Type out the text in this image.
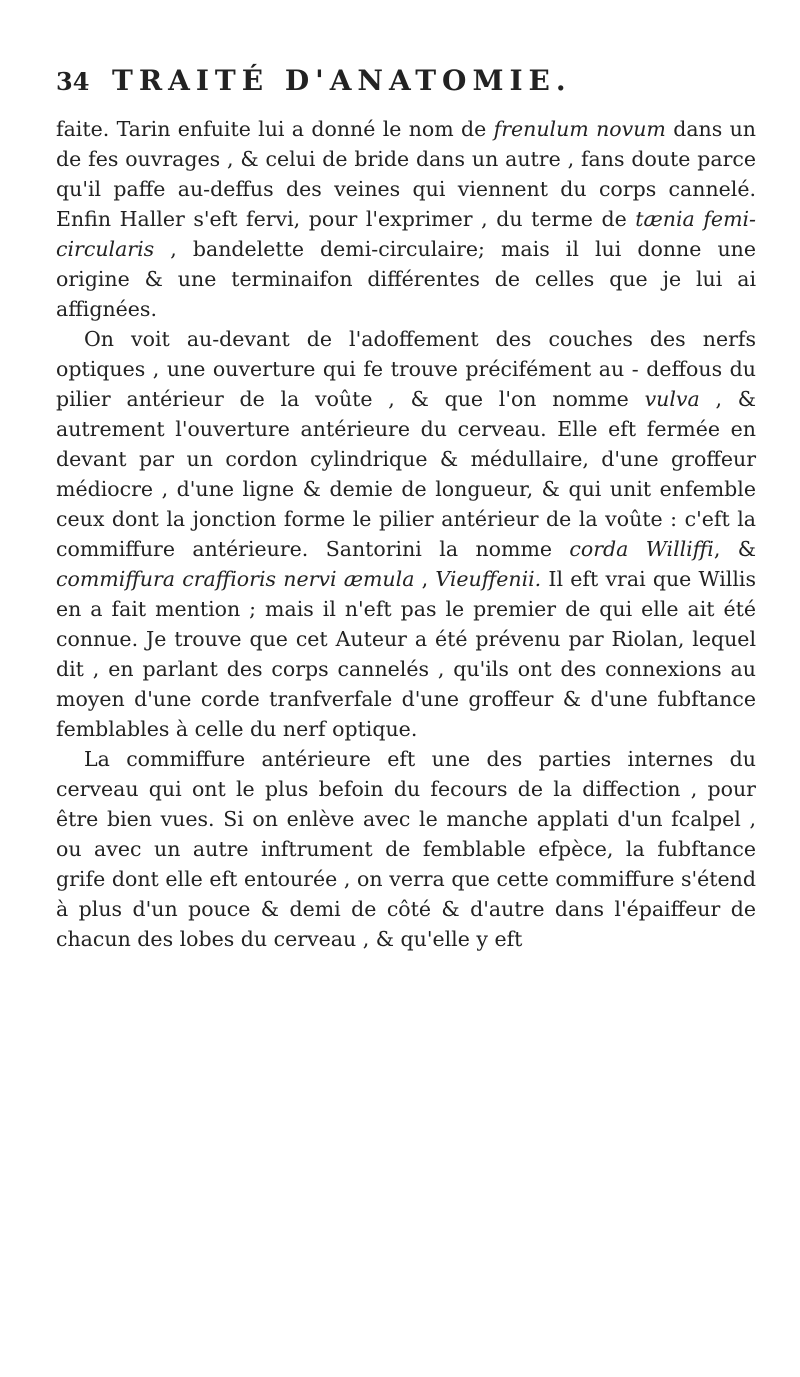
34 TRAITÉ D'ANATOMIE.

faite. Tarin enfuite lui a donné le nom de frenulum novum dans un de fes ouvrages , & celui de bride dans un autre , fans doute parce qu'il paffe au-deffus des veines qui viennent du corps cannelé. Enfin Haller s'eft fervi, pour l'exprimer , du terme de tænia femi-circularis , bandelette demi-circulaire; mais il lui donne une origine & une terminaifon différentes de celles que je lui ai affignées.

On voit au-devant de l'adoffement des couches des nerfs optiques , une ouverture qui fe trouve précifément au - deffous du pilier antérieur de la voûte , & que l'on nomme vulva , & autrement l'ouverture antérieure du cerveau. Elle eft fermée en devant par un cordon cylindrique & médullaire, d'une groffeur médiocre , d'une ligne & demie de longueur, & qui unit enfemble ceux dont la jonction forme le pilier antérieur de la voûte : c'eft la commiffure antérieure. Santorini la nomme corda Williffi, & commiffura craffioris nervi æmula , Vieuffenii. Il eft vrai que Willis en a fait mention ; mais il n'eft pas le premier de qui elle ait été connue. Je trouve que cet Auteur a été prévenu par Riolan, lequel dit , en parlant des corps cannelés , qu'ils ont des connexions au moyen d'une corde tranfverfale d'une groffeur & d'une fubftance femblables à celle du nerf optique.

La commiffure antérieure eft une des parties internes du cerveau qui ont le plus befoin du fecours de la diffection , pour être bien vues. Si on enlève avec le manche applati d'un fcalpel , ou avec un autre inftrument de femblable efpèce, la fubftance grife dont elle eft entourée , on verra que cette commiffure s'étend à plus d'un pouce & demi de côté & d'autre dans l'épaiffeur de chacun des lobes du cerveau , & qu'elle y eft
